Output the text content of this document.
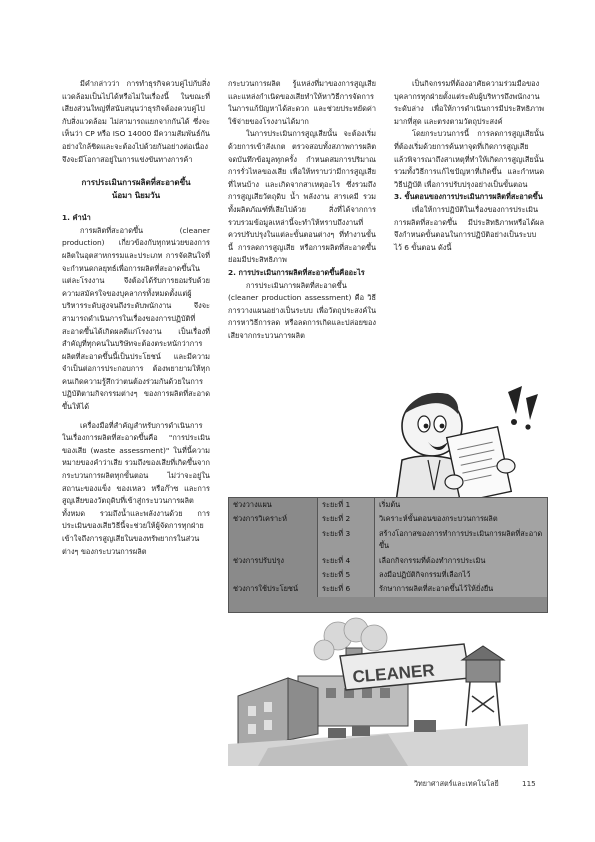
มีคำกล่าวว่า การทำธุรกิจควบคู่ไปกับสิ่งแวดล้อมเป็นไปได้หรือไม่ในเรื่องนี้ ในขณะที่ เสียงส่วนใหญ่ที่สนับสนุนว่าธุรกิจต้องควบคู่ไปกับสิ่งแวดล้อม ไม่สามารถแยกจากกันได้ ซึ่งจะเห็นว่า CP หรือ ISO 14000 มีความสัมพันธ์กันอย่างใกล้ชิดและจะต้องไปด้วยกันอย่างต่อเนื่อง จึงจะมีโอกาสอยู่ในการแข่งขันทางการค้า

การประเมินการผลิตที่สะอาดขึ้น

น้อมา นิยมวัน

1. คำนำ

การผลิตที่สะอาดขึ้น (cleaner production) เกี่ยวข้องกับทุกหน่วยของการผลิตในอุตสาหกรรมและประเภท การจัดสินใจที่จะกำหนดกลยุทธ์เพื่อการผลิตที่สะอาดขึ้นในแต่ละโรงงาน จึงต้องได้รับการยอมรับด้วยความสมัครใจของบุคลากรทั้งหมดตั้งแต่ผู้บริหารระดับสูงจนถึงระดับพนักงาน จึงจะสามารถดำเนินการในเรื่องของการปฏิบัติที่สะอาดขึ้นได้เกิดผลดีแก่โรงงาน เป็นเรื่องที่สำคัญที่ทุกคนในบริษัทจะต้องตระหนักว่าการผลิตที่สะอาดขึ้นนี้เป็นประโยชน์ และมีความจำเป็นต่อการประกอบการ ต้องพยายามให้ทุกคนเกิดความรู้สึกว่าตนต้องร่วมกันด้วยในการปฏิบัติตามกิจกรรมต่างๆ ของการผลิตที่สะอาดขึ้นให้ได้

เครื่องมือที่สำคัญสำหรับการดำเนินการในเรื่องการผลิตที่สะอาดขึ้นคือ "การประเมินของเสีย (waste assessment)" ในที่นี้ความหมายของคำว่าเสีย รวมถึงของเสียที่เกิดขึ้นจากกระบวนการผลิตทุกขั้นตอน ไม่ว่าจะอยู่ในสถานะของแข็ง ของเหลว หรือก๊าซ และการสูญเสียของวัตถุดิบที่เข้าสู่กระบวนการผลิตทั้งหมด รวมถึงน้ำและพลังงานด้วย การประเมินของเสียวิธีนี้จะช่วยให้ผู้จัดการทุกฝ่ายเข้าใจถึงการสูญเสียในของทรัพยากรในส่วนต่างๆ ของกระบวนการผลิต

กระบวนการผลิต รู้แหล่งที่มาของการสูญเสียและแหล่งกำเนิดของเสียทำให้หาวิธีการจัดการในการแก้ปัญหาได้สะดวก และช่วยประหยัดค่าใช้จ่ายของโรงงานได้มาก

ในการประเมินการสูญเสียนั้น จะต้องเริ่มด้วยการเข้าสังเกต ตรวจสอบทั้งสภาพการผลิต จดบันทึกข้อมูลทุกครั้ง กำหนดสมการปริมาณการรั่วไหลของเสีย เพื่อให้ทราบว่ามีการสูญเสียที่ไหนบ้าง และเกิดจากสาเหตุอะไร ซึ่งรวมถึงการสูญเสียวัตถุดิบ น้ำ พลังงาน สารเคมี รวมทั้งผลิตภัณฑ์ที่เสียไปด้วย สิ่งที่ได้จากการรวบรวมข้อมูลเหล่านี้จะทำให้ทราบถึงงานที่ควรปรับปรุงในแต่ละขั้นตอนต่างๆ ที่ทำงานขั้นนี้ การลดการสูญเสีย หรือการผลิตที่สะอาดขึ้นย่อมมีประสิทธิภาพ

2. การประเมินการผลิตที่สะอาดขึ้นคืออะไร

การประเมินการผลิตที่สะอาดขึ้น (cleaner production assessment) คือ วิธีการวางแผนอย่างเป็นระบบ เพื่อวัตถุประสงค์ในการหาวิธีการลด หรือลดการเกิดและปล่อยของเสียจากกระบวนการผลิต

เป็นกิจกรรมที่ต้องอาศัยความร่วมมือของบุคลากรทุกฝ่ายตั้งแต่ระดับผู้บริหารถึงพนักงานระดับล่าง เพื่อให้การดำเนินการมีประสิทธิภาพมากที่สุด และตรงตามวัตถุประสงค์

โดยกระบวนการนี้ การลดการสูญเสียนั้น ที่ต้องเริ่มด้วยการค้นหาจุดที่เกิดการสูญเสีย แล้วพิจารณาถึงสาเหตุที่ทำให้เกิดการสูญเสียนั้น รวมทั้งวิธีการแก้ไขปัญหาที่เกิดขึ้น และกำหนดวิธีปฏิบัติ เพื่อการปรับปรุงอย่างเป็นขั้นตอน

3. ขั้นตอนของการประเมินการผลิตที่สะอาดขึ้น

เพื่อให้การปฏิบัติในเรื่องของการประเมินการผลิตที่สะอาดขึ้น มีประสิทธิภาพหรือได้ผล จึงกำหนดขั้นตอนในการปฏิบัติอย่างเป็นระบบไว้ 6 ขั้นตอน ดังนี้

ช่วงวางแผน	ระยะที่ 1	เริ่มต้น
ช่วงการวิเคราะห์	ระยะที่ 2	วิเคราะห์ขั้นตอนของกระบวนการผลิต
	ระยะที่ 3	สร้างโอกาสของการทำการประเมินการผลิตที่สะอาดขึ้น
ช่วงการปรับปรุง	ระยะที่ 4	เลือกกิจกรรมที่ต้องทำการประเมิน
	ระยะที่ 5	ลงมือปฏิบัติกิจกรรมที่เลือกไว้
ช่วงการใช้ประโยชน์	ระยะที่ 6	รักษาการผลิตที่สะอาดขึ้นไว้ให้ยั่งยืน
CLEANER
วิทยาศาสตร์และเทคโนโลยี	115
